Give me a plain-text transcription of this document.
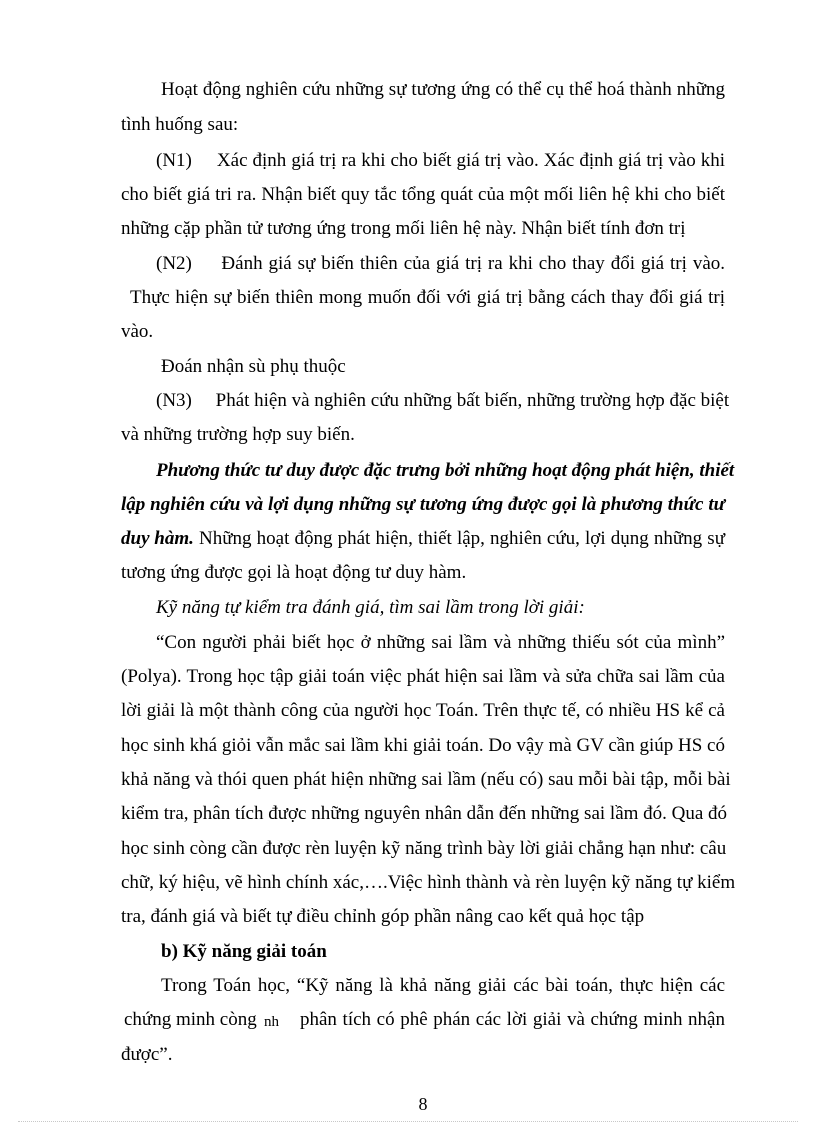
Hoạt động nghiên cứu những sự tương ứng có thể cụ thể hoá thành những
tình huống sau:
(N1)     Xác định giá trị ra khi cho biết giá trị vào. Xác định giá trị vào khi
cho biết giá tri ra. Nhận biết quy tắc tổng quát của một mối liên hệ khi cho biết
những cặp phần tử tương ứng trong mối liên hệ này. Nhận biết tính đơn trị
(N2)     Đánh giá sự biến thiên của giá trị ra khi cho thay đổi giá trị vào.
Thực hiện sự biến thiên mong muốn đối với giá trị bằng cách thay đổi giá trị
vào.
Đoán nhận sù phụ thuộc
(N3)     Phát hiện và nghiên cứu những bất biến, những trường hợp đặc biệt
và những trường hợp suy biến.
Phương thức tư duy được đặc trưng bởi những hoạt động phát hiện, thiết
lập nghiên cứu và lợi dụng những sự tương ứng được gọi là phương thức tư
duy hàm. Những hoạt động phát hiện, thiết lập, nghiên cứu, lợi dụng những sự
tương ứng được gọi là hoạt động tư duy hàm.
Kỹ năng tự kiểm tra đánh giá, tìm sai lầm trong lời giải:
“Con người phải biết học ở những sai lầm và những thiếu sót của mình”
(Polya). Trong học tập giải toán việc phát hiện sai lầm và sửa chữa sai lầm của
lời giải là một thành công của người học Toán. Trên thực tế, có nhiều HS kể cả
học sinh khá giỏi vẫn mắc sai lầm khi giải toán. Do vậy mà GV cần giúp HS có
khả năng và thói quen phát hiện những sai lầm (nếu có) sau mỗi bài tập, mỗi bài
kiểm tra, phân tích được những nguyên nhân dẫn đến những sai lầm đó. Qua đó
học sinh còng cần được rèn luyện kỹ năng trình bày lời giải chẳng hạn như: câu
chữ, ký hiệu, vẽ hình chính xác,….Việc hình thành và rèn luyện kỹ năng tự kiểm
tra, đánh giá và biết tự điều chỉnh góp phần nâng cao kết quả học tập
b) Kỹ năng giải toán
Trong Toán học, “Kỹ năng là khả năng giải các bài toán, thực hiện các
chứng minh còng nh phân tích có phê phán các lời giải và chứng minh nhận
được”.
8
